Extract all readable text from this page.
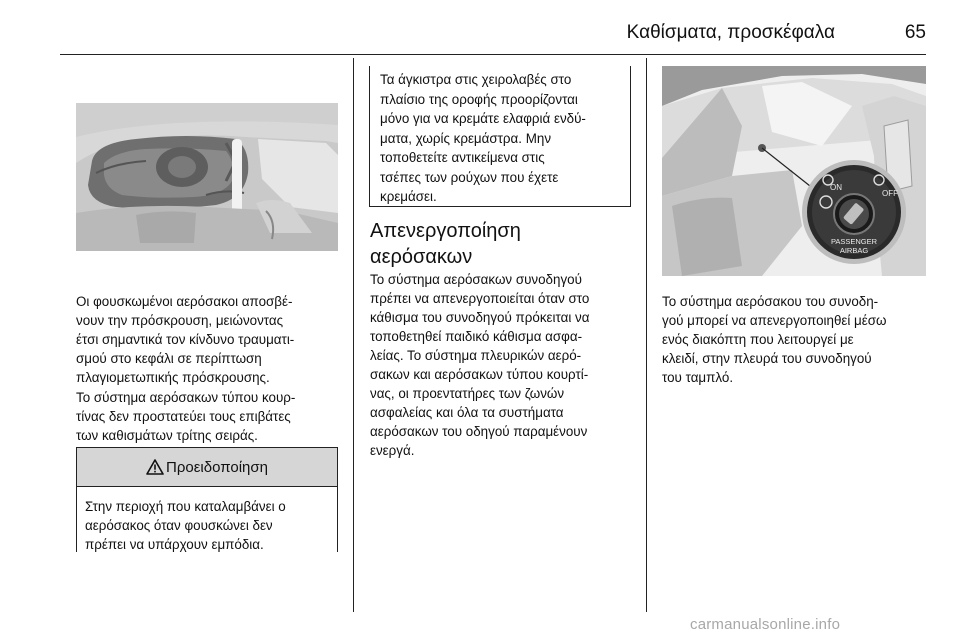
Καθίσματα, προσκέφαλα	65

Οι φουσκωμένοι αερόσακοι αποσβέ-
νουν την πρόσκρουση, μειώνοντας
έτσι σημαντικά τον κίνδυνο τραυματι-
σμού στο κεφάλι σε περίπτωση
πλαγιομετωπικής πρόσκρουσης.

Το σύστημα αερόσακων τύπου κουρ-
τίνας δεν προστατεύει τους επιβάτες
των καθισμάτων τρίτης σειράς.

Προειδοποίηση
Στην περιοχή που καταλαμβάνει ο
αερόσακος όταν φουσκώνει δεν
πρέπει να υπάρχουν εμπόδια.
Τα άγκιστρα στις χειρολαβές στο
πλαίσιο της οροφής προορίζονται
μόνο για να κρεμάτε ελαφριά ενδύ-
ματα, χωρίς κρεμάστρα. Μην
τοποθετείτε αντικείμενα στις
τσέπες των ρούχων που έχετε
κρεμάσει.
Απενεργοποίηση
αερόσακων

Το σύστημα αερόσακων συνοδηγού
πρέπει να απενεργοποιείται όταν στο
κάθισμα του συνοδηγού πρόκειται να
τοποθετηθεί παιδικό κάθισμα ασφα-
λείας. Το σύστημα πλευρικών αερό-
σακων και αερόσακων τύπου κουρτί-
νας, οι προεντατήρες των ζωνών
ασφαλείας και όλα τα συστήματα
αερόσακων του οδηγού παραμένουν
ενεργά.

ON
OFF
PASSENGER
AIRBAG

Το σύστημα αερόσακου του συνοδη-
γού μπορεί να απενεργοποιηθεί μέσω
ενός διακόπτη που λειτουργεί με
κλειδί, στην πλευρά του συνοδηγού
του ταμπλό.

carmanualsonline.info
